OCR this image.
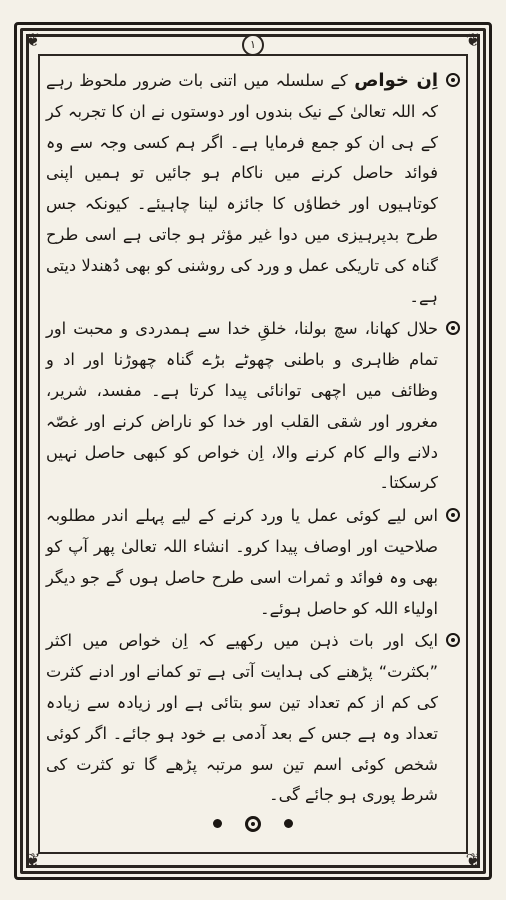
❦	❦
❦	❦
۱

اِن خواص کے سلسلہ میں اتنی بات ضرور ملحوظ رہے کہ اللہ تعالیٰ کے نیک بندوں اور دوستوں نے ان کا تجربہ کر کے ہی ان کو جمع فرمایا ہے۔ اگر ہم کسی وجہ سے وہ فوائد حاصل کرنے میں ناکام ہو جائیں تو ہمیں اپنی کوتاہیوں اور خطاؤں کا جائزہ لینا چاہیئے۔ کیونکہ جس طرح بدپرہیزی میں دوا غیر مؤثر ہو جاتی ہے اسی طرح گناہ کی تاریکی عمل و ورد کی روشنی کو بھی دُھندلا دیتی ہے۔

حلال کھانا، سچ بولنا، خلقِ خدا سے ہمدردی و محبت اور تمام ظاہری و باطنی چھوٹے بڑے گناہ چھوڑنا اور اد و وظائف میں اچھی توانائی پیدا کرتا ہے۔ مفسد، شریر، مغرور اور شقی القلب اور خدا کو ناراض کرنے اور غصّہ دلانے والے کام کرنے والا، اِن خواص کو کبھی حاصل نہیں کرسکتا۔

اس لیے کوئی عمل یا ورد کرنے کے لیے پہلے اندر مطلوبہ صلاحیت اور اوصاف پیدا کرو۔ انشاء اللہ تعالیٰ پھر آپ کو بھی وہ فوائد و ثمرات اسی طرح حاصل ہوں گے جو دیگر اولیاء اللہ کو حاصل ہوئے۔

ایک اور بات ذہن میں رکھیے کہ اِن خواص میں اکثر ”بکثرت“ پڑھنے کی ہدایت آتی ہے تو کمانے اور ادنے کثرت کی کم از کم تعداد تین سو بتائی ہے اور زیادہ سے زیادہ تعداد وہ ہے جس کے بعد آدمی بے خود ہو جائے۔ اگر کوئی شخص کوئی اسم تین سو مرتبہ پڑھے گا تو کثرت کی شرط پوری ہو جائے گی۔
